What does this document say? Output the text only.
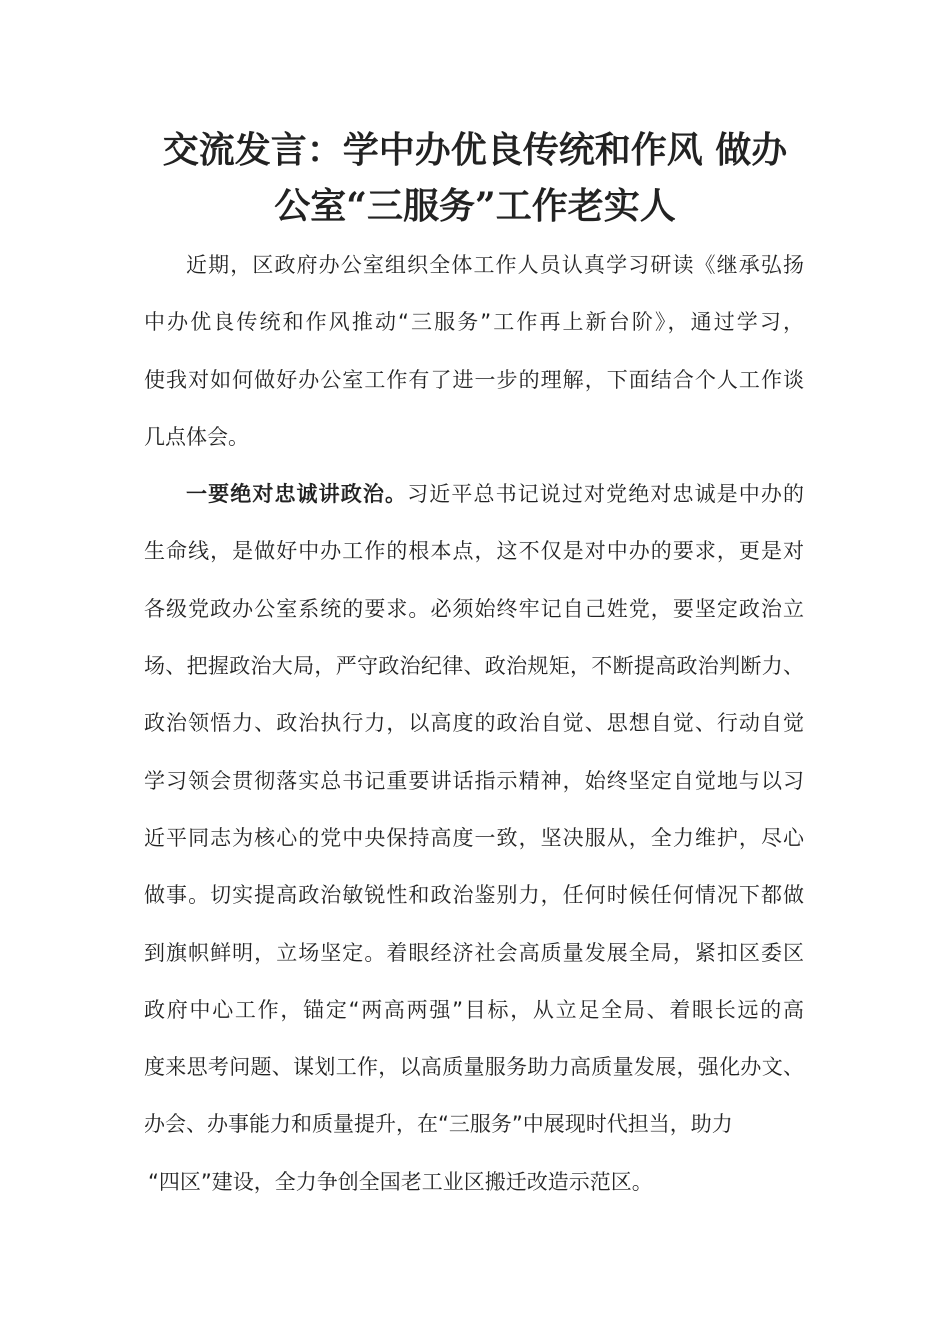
交流发言：学中办优良传统和作风 做办
公室“三服务”工作老实人
近期，区政府办公室组织全体工作人员认真学习研读《继承弘扬
中办优良传统和作风推动“三服务”工作再上新台阶》，通过学习，
使我对如何做好办公室工作有了进一步的理解，下面结合个人工作谈
几点体会。
一要绝对忠诚讲政治。习近平总书记说过对党绝对忠诚是中办的
生命线，是做好中办工作的根本点，这不仅是对中办的要求，更是对
各级党政办公室系统的要求。必须始终牢记自己姓党，要坚定政治立
场、把握政治大局，严守政治纪律、政治规矩，不断提高政治判断力、
政治领悟力、政治执行力，以高度的政治自觉、思想自觉、行动自觉
学习领会贯彻落实总书记重要讲话指示精神，始终坚定自觉地与以习
近平同志为核心的党中央保持高度一致，坚决服从，全力维护，尽心
做事。切实提高政治敏锐性和政治鉴别力，任何时候任何情况下都做
到旗帜鲜明，立场坚定。着眼经济社会高质量发展全局，紧扣区委区
政府中心工作，锚定“两高两强”目标，从立足全局、着眼长远的高
度来思考问题、谋划工作，以高质量服务助力高质量发展，强化办文、
办会、办事能力和质量提升，在“三服务”中展现时代担当，助力
“四区”建设，全力争创全国老工业区搬迁改造示范区。
